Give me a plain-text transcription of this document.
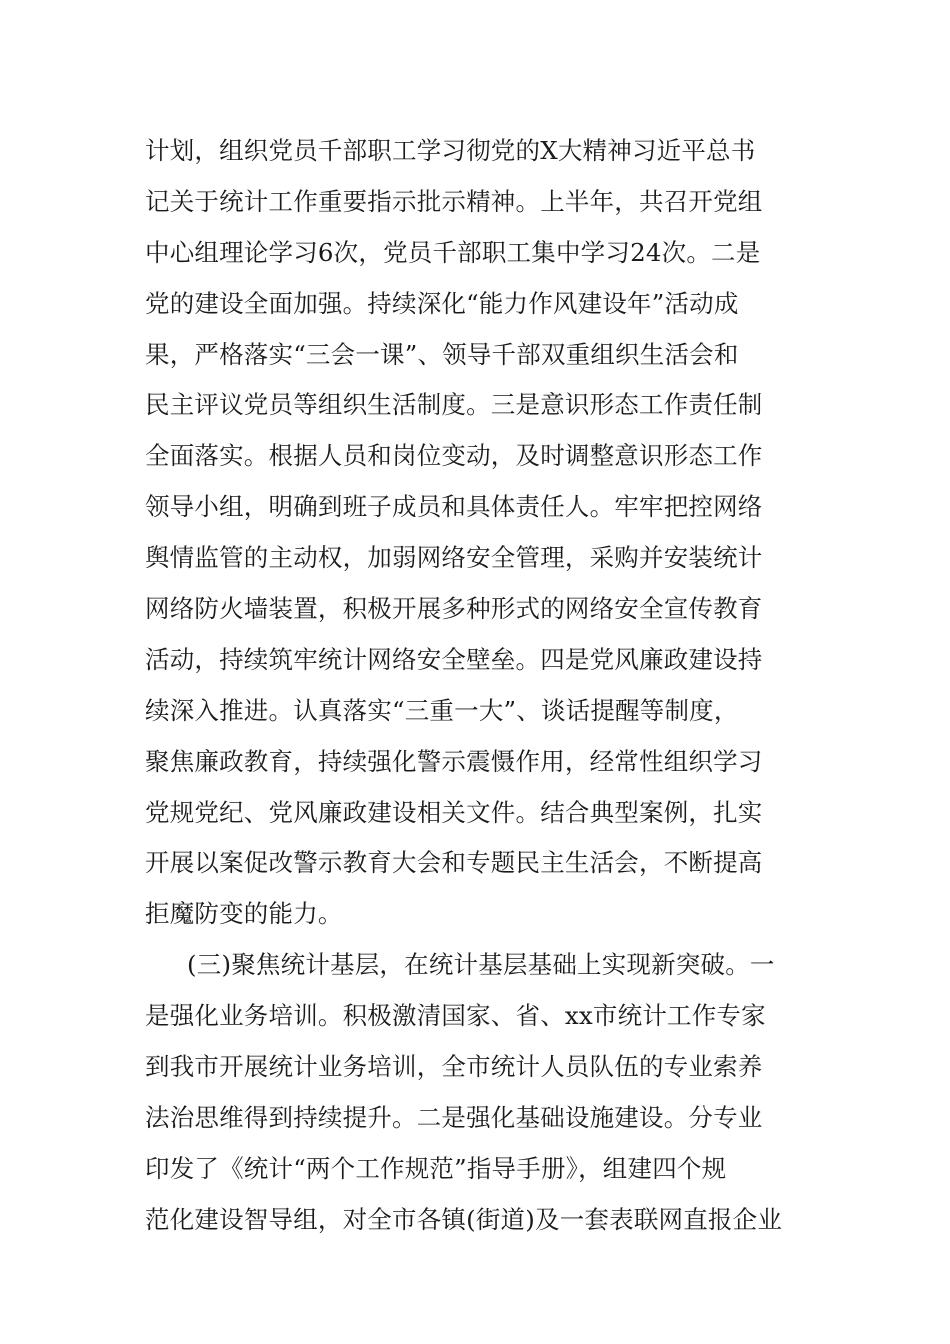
计划，组织党员千部职工学习彻党的X大精神习近平总书
记关于统计工作重要指示批示精神。上半年，共召开党组
中心组理论学习6次，党员千部职工集中学习24次。二是
党的建设全面加强。持续深化“能力作风建设年”活动成
果，严格落实“三会一课”、领导千部双重组织生活会和
民主评议党员等组织生活制度。三是意识形态工作责任制
全面落实。根据人员和岗位变动，及时调整意识形态工作
领导小组，明确到班子成员和具体责任人。牢牢把控网络
舆情监管的主动权，加弱网络安全管理，采购并安装统计
网络防火墙装置，积极开展多种形式的网络安全宣传教育
活动，持续筑牢统计网络安全壁垒。四是党风廉政建设持
续深入推进。认真落实“三重一大”、谈话提醒等制度，
聚焦廉政教育，持续强化警示震慑作用，经常性组织学习
党规党纪、党风廉政建设相关文件。结合典型案例，扎实
开展以案促改警示教育大会和专题民主生活会，不断提高
拒魔防变的能力。
(三)聚焦统计基层，在统计基层基础上实现新突破。一
是强化业务培训。积极激清国家、省、xx市统计工作专家
到我市开展统计业务培训，全市统计人员队伍的专业索养
法治思维得到持续提升。二是强化基础设施建设。分专业
印发了《统计“两个工作规范”指导手册》，组建四个规
范化建设智导组，对全市各镇(街道)及一套表联网直报企业
